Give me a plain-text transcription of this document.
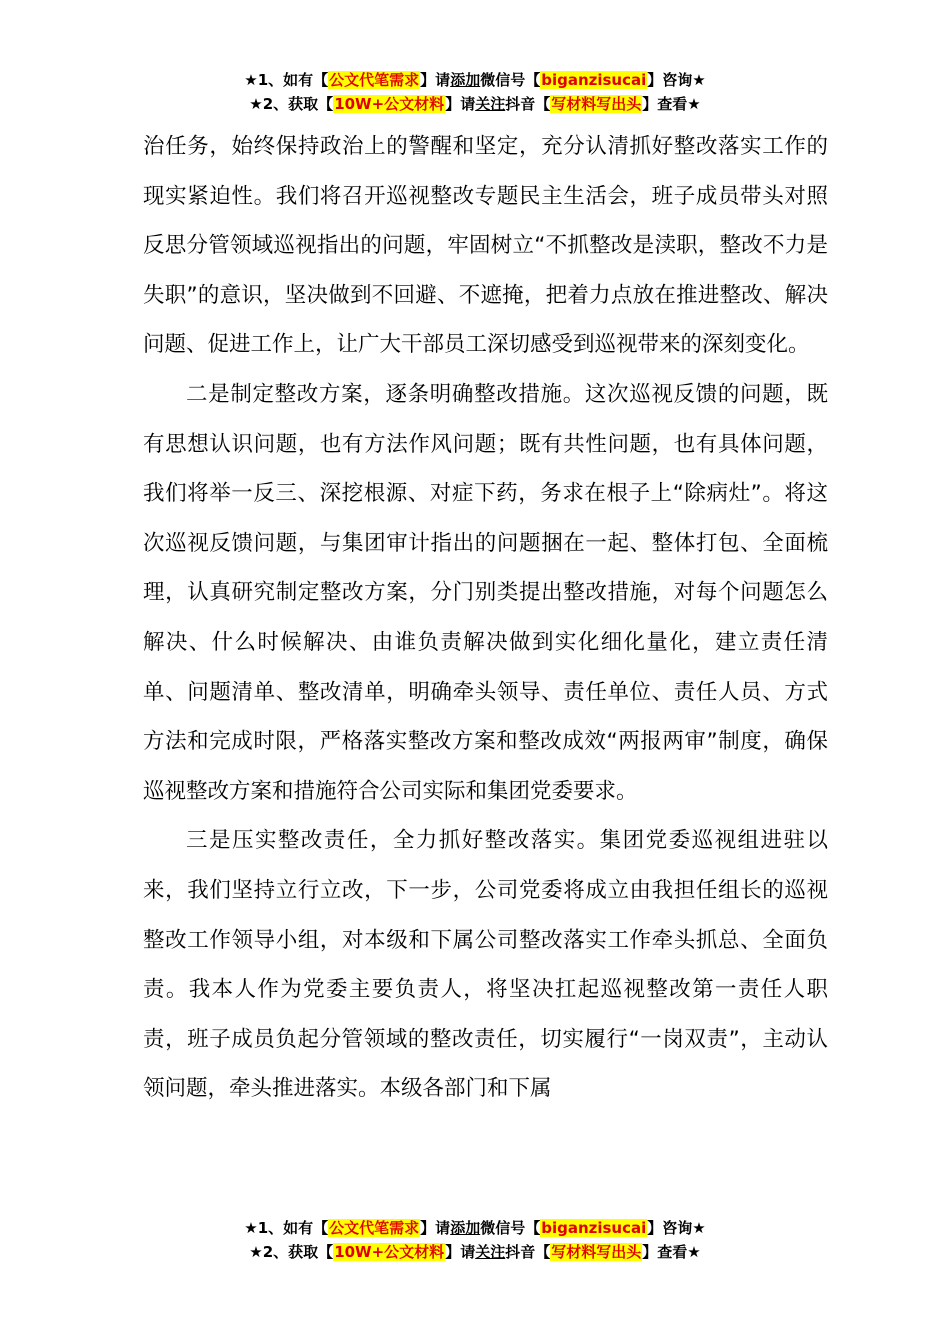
★1、如有【公文代笔需求】请添加微信号【biganzisucai】咨询★
★2、获取【10W+公文材料】请关注抖音【写材料写出头】查看★

治任务，始终保持政治上的警醒和坚定，充分认清抓好整改落实工作的现实紧迫性。我们将召开巡视整改专题民主生活会，班子成员带头对照反思分管领域巡视指出的问题，牢固树立“不抓整改是渎职，整改不力是失职”的意识，坚决做到不回避、不遮掩，把着力点放在推进整改、解决问题、促进工作上，让广大干部员工深切感受到巡视带来的深刻变化。

二是制定整改方案，逐条明确整改措施。这次巡视反馈的问题，既有思想认识问题，也有方法作风问题；既有共性问题，也有具体问题，我们将举一反三、深挖根源、对症下药，务求在根子上“除病灶”。将这次巡视反馈问题，与集团审计指出的问题捆在一起、整体打包、全面梳理，认真研究制定整改方案，分门别类提出整改措施，对每个问题怎么解决、什么时候解决、由谁负责解决做到实化细化量化，建立责任清单、问题清单、整改清单，明确牵头领导、责任单位、责任人员、方式方法和完成时限，严格落实整改方案和整改成效“两报两审”制度，确保巡视整改方案和措施符合公司实际和集团党委要求。

三是压实整改责任，全力抓好整改落实。集团党委巡视组进驻以来，我们坚持立行立改，下一步，公司党委将成立由我担任组长的巡视整改工作领导小组，对本级和下属公司整改落实工作牵头抓总、全面负责。我本人作为党委主要负责人，将坚决扛起巡视整改第一责任人职责，班子成员负起分管领域的整改责任，切实履行“一岗双责”，主动认领问题，牵头推进落实。本级各部门和下属

★1、如有【公文代笔需求】请添加微信号【biganzisucai】咨询★
★2、获取【10W+公文材料】请关注抖音【写材料写出头】查看★
